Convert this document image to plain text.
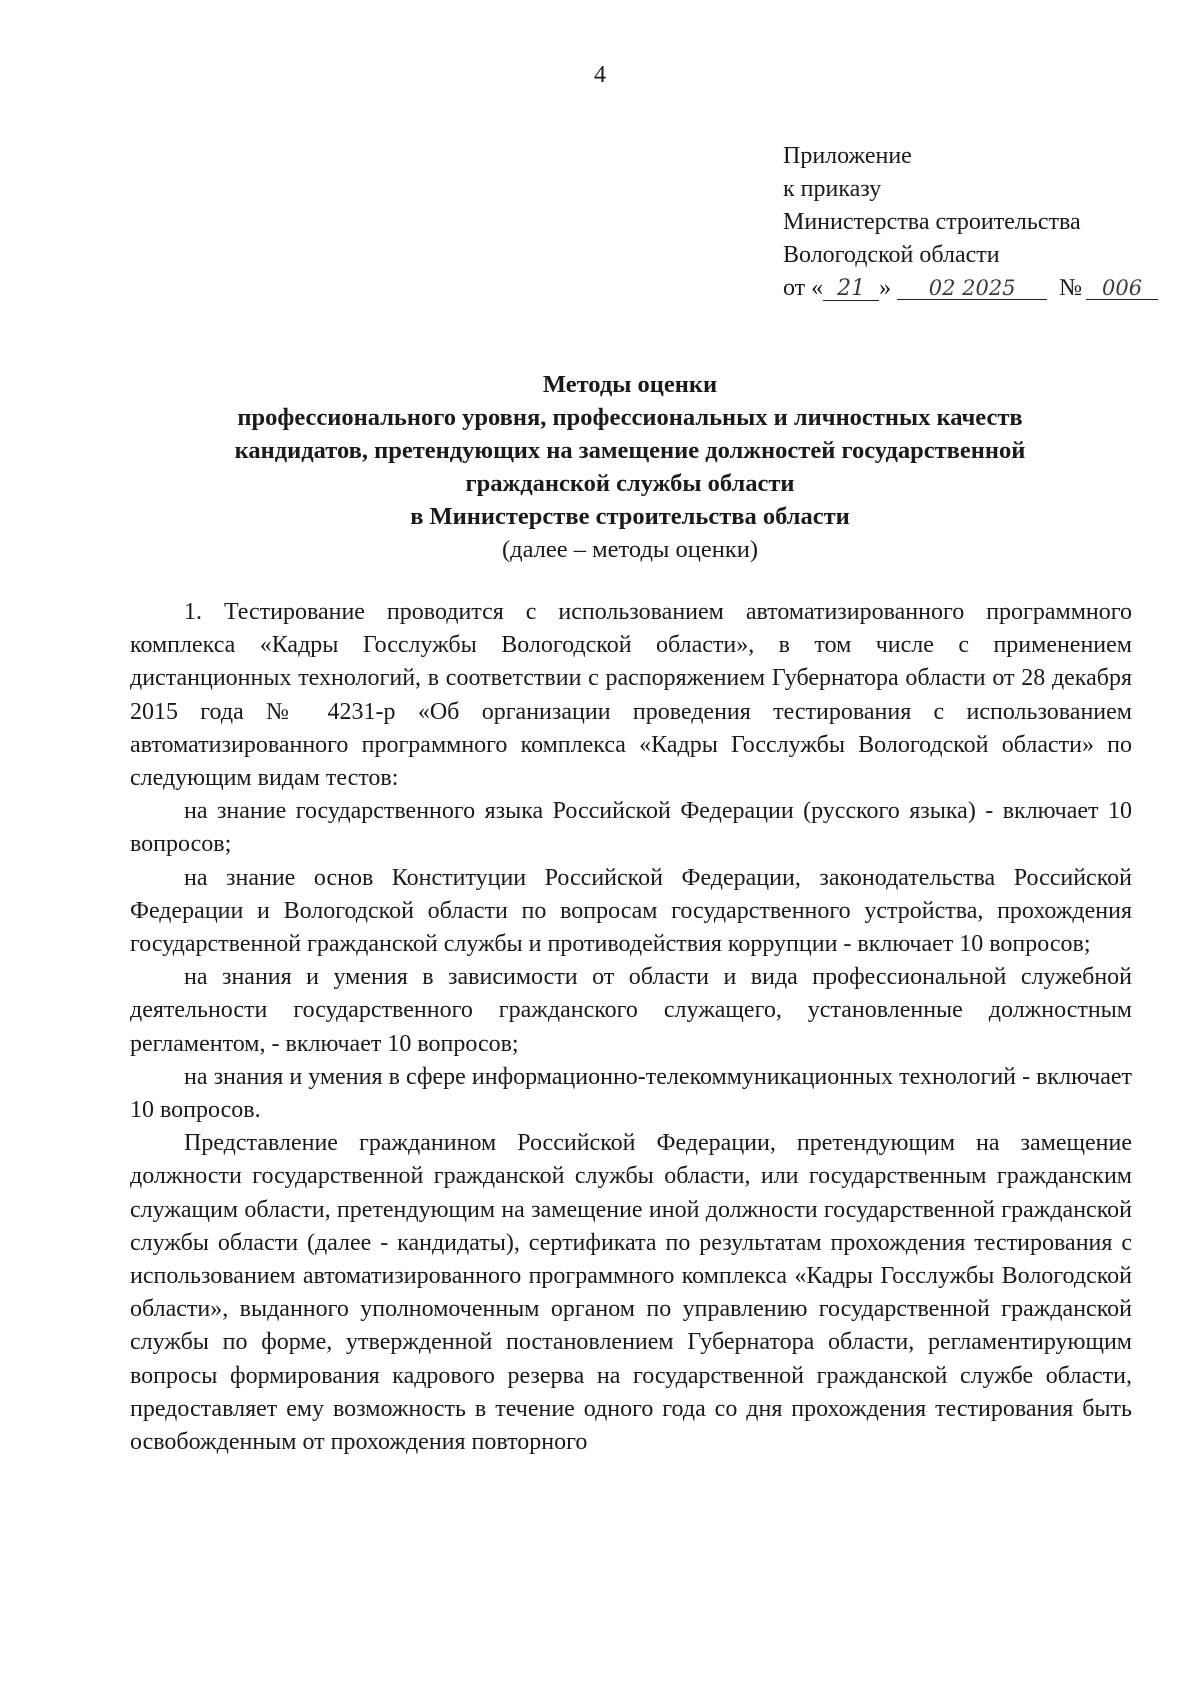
4
Приложение
к приказу
Министерства строительства
Вологодской области
от « 21 » 02 2025 № 006
Методы оценки
профессионального уровня, профессиональных и личностных качеств
кандидатов, претендующих на замещение должностей государственной
гражданской службы области
в Министерстве строительства области
(далее – методы оценки)

1. Тестирование проводится с использованием автоматизированного программного комплекса «Кадры Госслужбы Вологодской области», в том числе с применением дистанционных технологий, в соответствии с распоряжением Губернатора области от 28 декабря 2015 года № 4231-р «Об организации проведения тестирования с использованием автоматизированного программного комплекса «Кадры Госслужбы Вологодской области» по следующим видам тестов:

на знание государственного языка Российской Федерации (русского языка) - включает 10 вопросов;

на знание основ Конституции Российской Федерации, законодательства Российской Федерации и Вологодской области по вопросам государственного устройства, прохождения государственной гражданской службы и противодействия коррупции - включает 10 вопросов;

на знания и умения в зависимости от области и вида профессиональной служебной деятельности государственного гражданского служащего, установленные должностным регламентом, - включает 10 вопросов;

на знания и умения в сфере информационно-телекоммуникационных технологий - включает 10 вопросов.

Представление гражданином Российской Федерации, претендующим на замещение должности государственной гражданской службы области, или государственным гражданским служащим области, претендующим на замещение иной должности государственной гражданской службы области (далее - кандидаты), сертификата по результатам прохождения тестирования с использованием автоматизированного программного комплекса «Кадры Госслужбы Вологодской области», выданного уполномоченным органом по управлению государственной гражданской службы по форме, утвержденной постановлением Губернатора области, регламентирующим вопросы формирования кадрового резерва на государственной гражданской службе области, предоставляет ему возможность в течение одного года со дня прохождения тестирования быть освобожденным от прохождения повторного
